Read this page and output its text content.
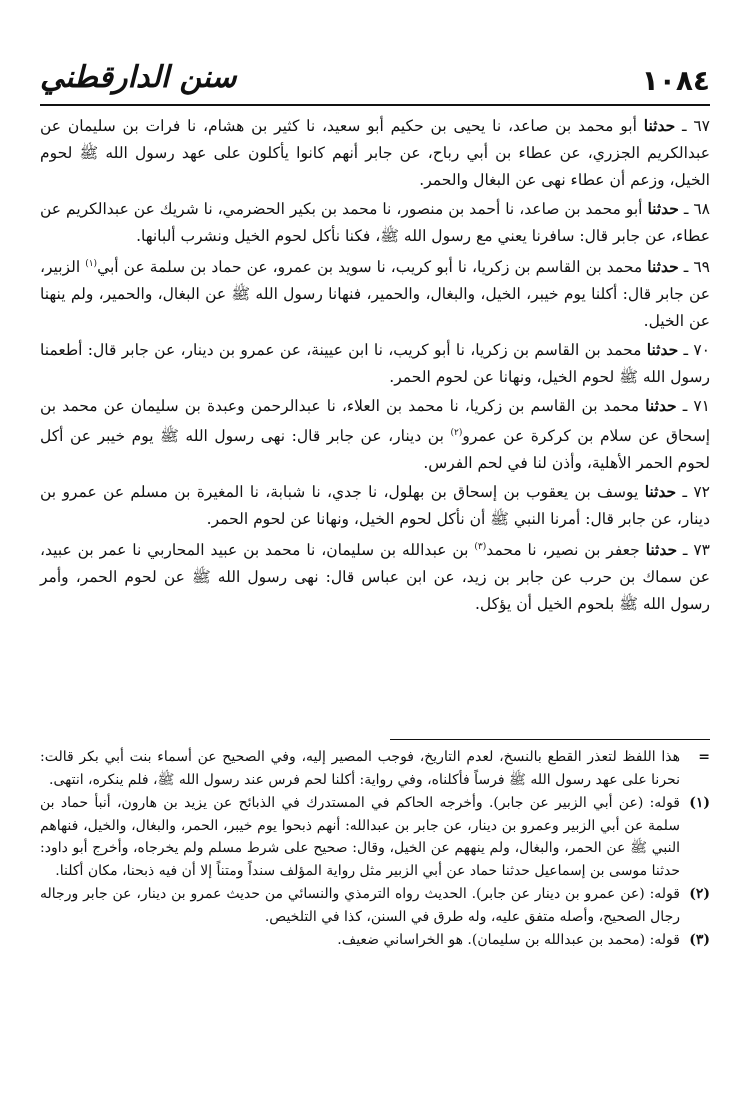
١٠٨٤
سنن الدارقطني

٦٧ ـ حدثنا أبو محمد بن صاعد، نا يحيى بن حكيم أبو سعيد، نا كثير بن هشام، نا فرات بن سليمان عن عبدالكريم الجزري، عن عطاء بن أبي رباح، عن جابر أنهم كانوا يأكلون على عهد رسول الله ﷺ لحوم الخيل، وزعم أن عطاء نهى عن البغال والحمر.

٦٨ ـ حدثنا أبو محمد بن صاعد، نا أحمد بن منصور، نا محمد بن بكير الحضرمي، نا شريك عن عبدالكريم عن عطاء، عن جابر قال: سافرنا يعني مع رسول الله ﷺ، فكنا نأكل لحوم الخيل ونشرب ألبانها.

٦٩ ـ حدثنا محمد بن القاسم بن زكريا، نا أبو كريب، نا سويد بن عمرو، عن حماد بن سلمة عن أبي$^{(١)}$ الزبير، عن جابر قال: أكلنا يوم خيبر، الخيل، والبغال، والحمير، فنهانا رسول الله ﷺ عن البغال، والحمير، ولم ينهنا عن الخيل.

٧٠ ـ حدثنا محمد بن القاسم بن زكريا، نا أبو كريب، نا ابن عيينة، عن عمرو بن دينار، عن جابر قال: أطعمنا رسول الله ﷺ لحوم الخيل، ونهانا عن لحوم الحمر.

٧١ ـ حدثنا محمد بن القاسم بن زكريا، نا محمد بن العلاء، نا عبدالرحمن وعبدة بن سليمان عن محمد بن إسحاق عن سلام بن كركرة عن عمرو$^{(٢)}$ بن دينار، عن جابر قال: نهى رسول الله ﷺ يوم خيبر عن أكل لحوم الحمر الأهلية، وأذن لنا في لحم الفرس.

٧٢ ـ حدثنا يوسف بن يعقوب بن إسحاق بن بهلول، نا جدي، نا شبابة، نا المغيرة بن مسلم عن عمرو بن دينار، عن جابر قال: أمرنا النبي ﷺ أن نأكل لحوم الخيل، ونهانا عن لحوم الحمر.

٧٣ ـ حدثنا جعفر بن نصير، نا محمد$^{(٣)}$ بن عبدالله بن سليمان، نا محمد بن عبيد المحاربي نا عمر بن عبيد، عن سماك بن حرب عن جابر بن زيد، عن ابن عباس قال: نهى رسول الله ﷺ عن لحوم الحمر، وأمر رسول الله ﷺ بلحوم الخيل أن يؤكل.

=
هذا اللفظ لتعذر القطع بالنسخ، لعدم التاريخ، فوجب المصير إليه، وفي الصحيح عن أسماء بنت أبي بكر قالت: نحرنا على عهد رسول الله ﷺ فرساً فأكلناه، وفي رواية: أكلنا لحم فرس عند رسول الله ﷺ، فلم ينكره، انتهى.
(١)
قوله: (عن أبي الزبير عن جابر). وأخرجه الحاكم في المستدرك في الذبائح عن يزيد بن هارون، أنبأ حماد بن سلمة عن أبي الزبير وعمرو بن دينار، عن جابر بن عبدالله: أنهم ذبحوا يوم خيبر، الحمر، والبغال، والخيل، فنهاهم النبي ﷺ عن الحمر، والبغال، ولم ينههم عن الخيل، وقال: صحيح على شرط مسلم ولم يخرجاه، وأخرج أبو داود: حدثنا موسى بن إسماعيل حدثنا حماد عن أبي الزبير مثل رواية المؤلف سنداً ومتناً إلا أن فيه ذبحنا، مكان أكلنا.
(٢)
قوله: (عن عمرو بن دينار عن جابر). الحديث رواه الترمذي والنسائي من حديث عمرو بن دينار، عن جابر ورجاله رجال الصحيح، وأصله متفق عليه، وله طرق في السنن، كذا في التلخيص.
(٣)
قوله: (محمد بن عبدالله بن سليمان). هو الخراساني ضعيف.
